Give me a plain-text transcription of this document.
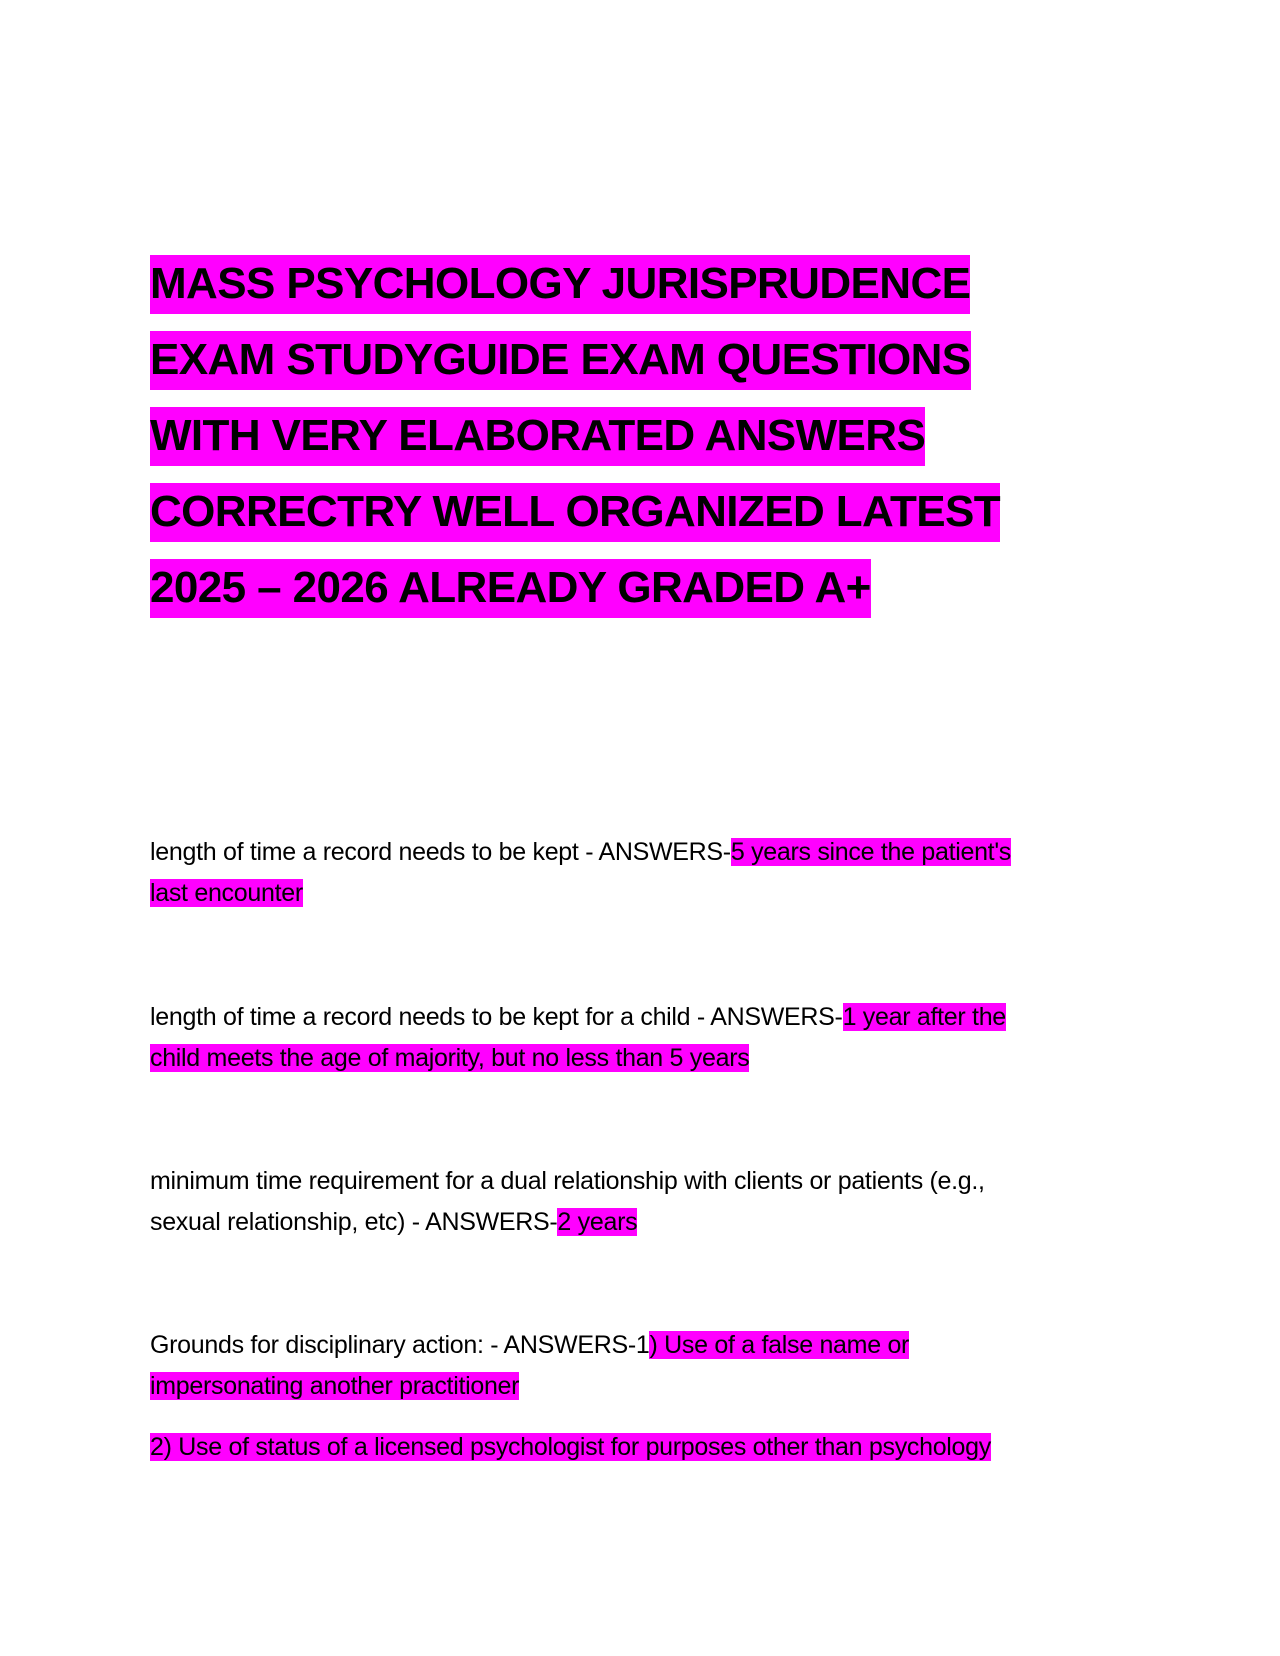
MASS PSYCHOLOGY JURISPRUDENCE
EXAM STUDYGUIDE EXAM QUESTIONS
WITH VERY ELABORATED ANSWERS
CORRECTRY WELL ORGANIZED LATEST
2025 – 2026 ALREADY GRADED A+
length of time a record needs to be kept - ANSWERS-5 years since the patient's
last encounter
length of time a record needs to be kept for a child - ANSWERS-1 year after the
child meets the age of majority, but no less than 5 years
minimum time requirement for a dual relationship with clients or patients (e.g.,
sexual relationship, etc) - ANSWERS-2 years
Grounds for disciplinary action: - ANSWERS-1) Use of a false name or
impersonating another practitioner
2) Use of status of a licensed psychologist for purposes other than psychology
